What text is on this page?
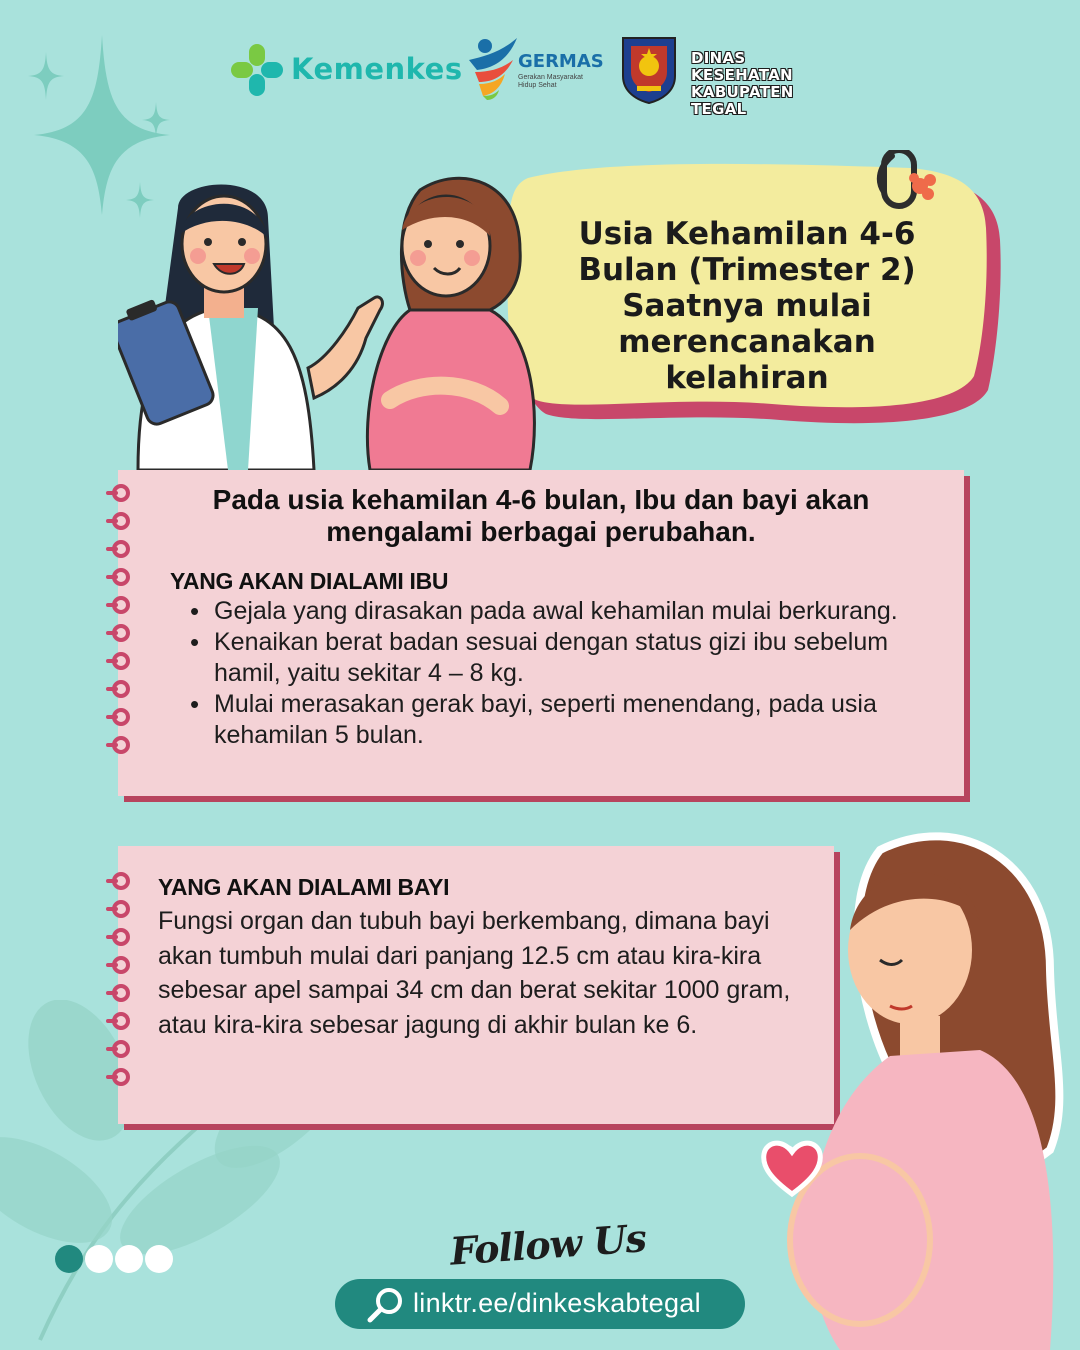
Kemenkes	GERMAS
Gerakan Masyarakat Hidup Sehat
DINAS KESEHATAN KABUPATEN TEGAL
Usia Kehamilan 4-6 Bulan (Trimester 2) Saatnya mulai merencanakan kelahiran
Pada usia kehamilan 4-6 bulan, Ibu dan bayi akan mengalami berbagai perubahan.
YANG AKAN DIALAMI IBU
• Gejala yang dirasakan pada awal kehamilan mulai berkurang.
• Kenaikan berat badan sesuai dengan status gizi ibu sebelum hamil, yaitu sekitar 4 – 8 kg.
• Mulai merasakan gerak bayi, seperti menendang, pada usia kehamilan 5 bulan.
YANG AKAN DIALAMI BAYI
Fungsi organ dan tubuh bayi berkembang, dimana bayi akan tumbuh mulai dari panjang 12.5 cm atau kira-kira sebesar apel sampai 34 cm dan berat sekitar 1000 gram, atau kira-kira sebesar jagung di akhir bulan ke 6.
Follow Us
linktr.ee/dinkeskabtegal
